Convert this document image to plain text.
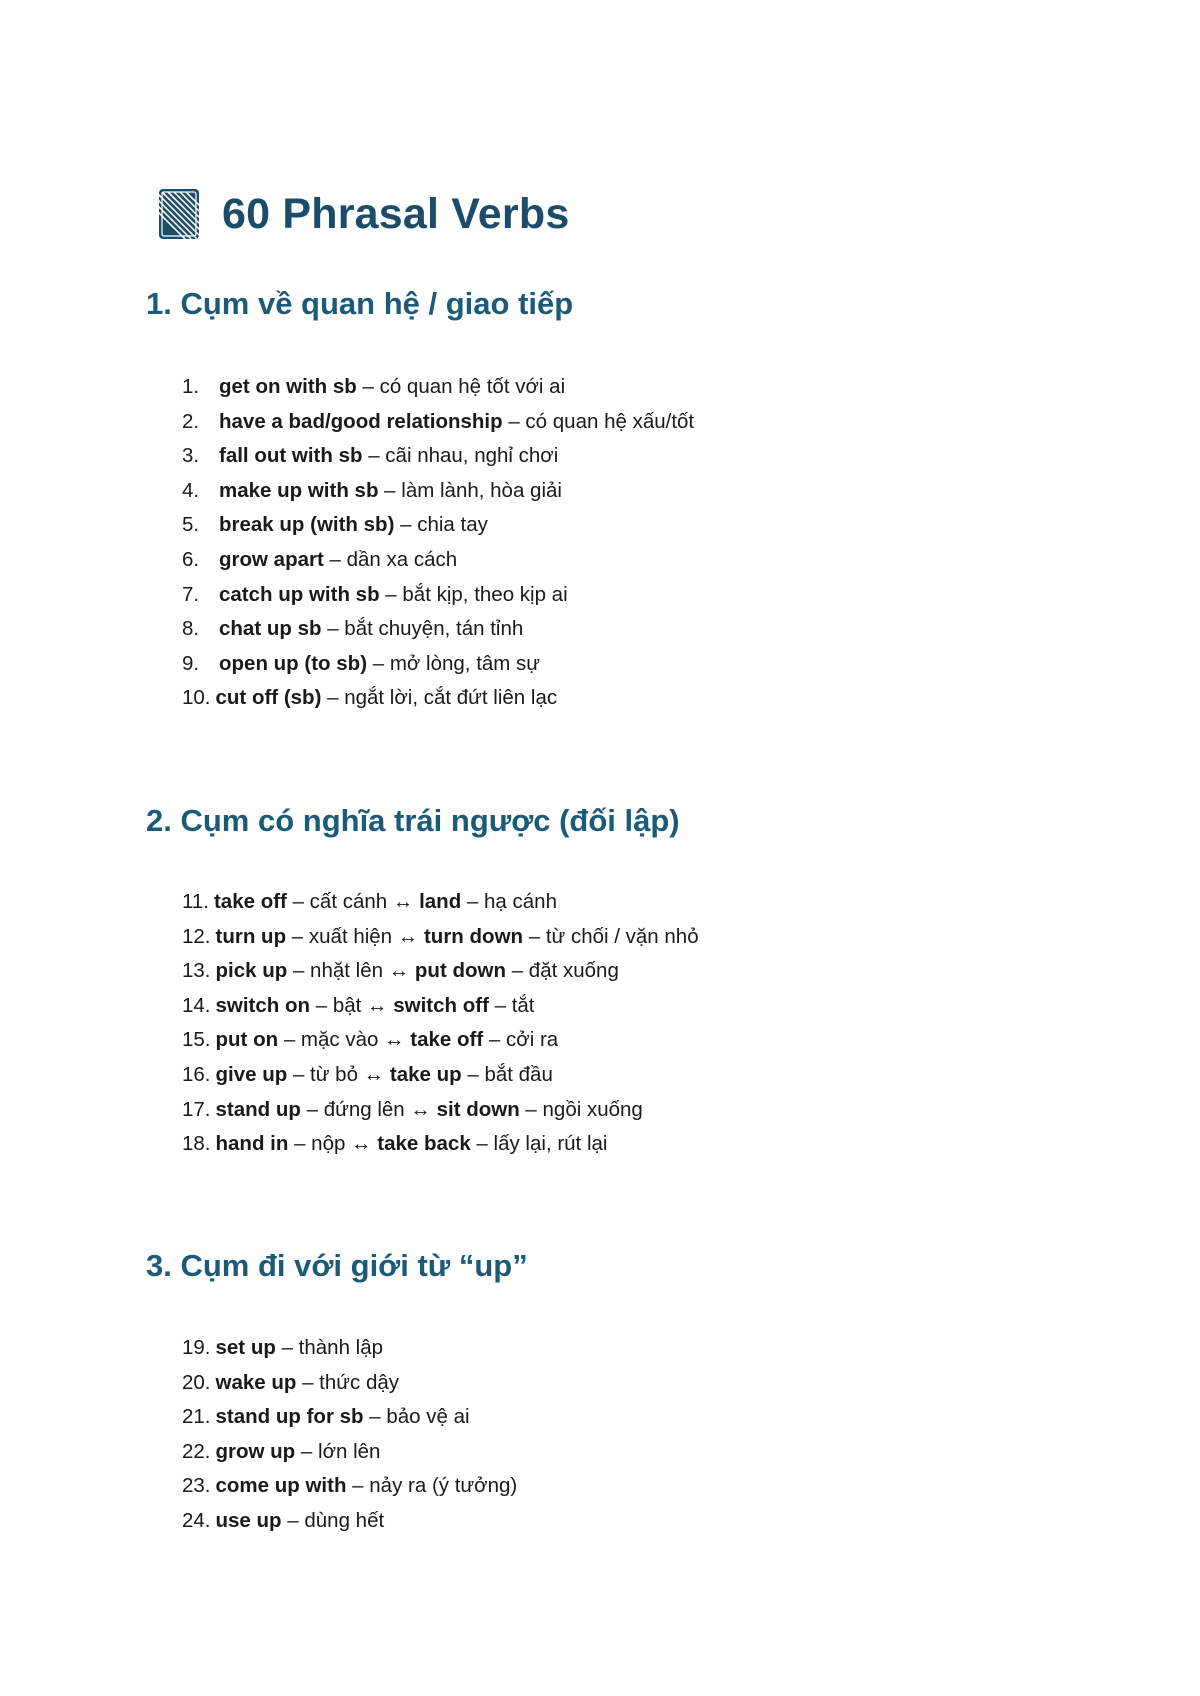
60 Phrasal Verbs
1. Cụm về quan hệ / giao tiếp
1. get on with sb – có quan hệ tốt với ai
2. have a bad/good relationship – có quan hệ xấu/tốt
3. fall out with sb – cãi nhau, nghỉ chơi
4. make up with sb – làm lành, hòa giải
5. break up (with sb) – chia tay
6. grow apart – dần xa cách
7. catch up with sb – bắt kịp, theo kịp ai
8. chat up sb – bắt chuyện, tán tỉnh
9. open up (to sb) – mở lòng, tâm sự
10. cut off (sb) – ngắt lời, cắt đứt liên lạc
2. Cụm có nghĩa trái ngược (đối lập)
11. take off – cất cánh ↔ land – hạ cánh
12. turn up – xuất hiện ↔ turn down – từ chối / vặn nhỏ
13. pick up – nhặt lên ↔ put down – đặt xuống
14. switch on – bật ↔ switch off – tắt
15. put on – mặc vào ↔ take off – cởi ra
16. give up – từ bỏ ↔ take up – bắt đầu
17. stand up – đứng lên ↔ sit down – ngồi xuống
18. hand in – nộp ↔ take back – lấy lại, rút lại
3. Cụm đi với giới từ “up”
19. set up – thành lập
20. wake up – thức dậy
21. stand up for sb – bảo vệ ai
22. grow up – lớn lên
23. come up with – nảy ra (ý tưởng)
24. use up – dùng hết
